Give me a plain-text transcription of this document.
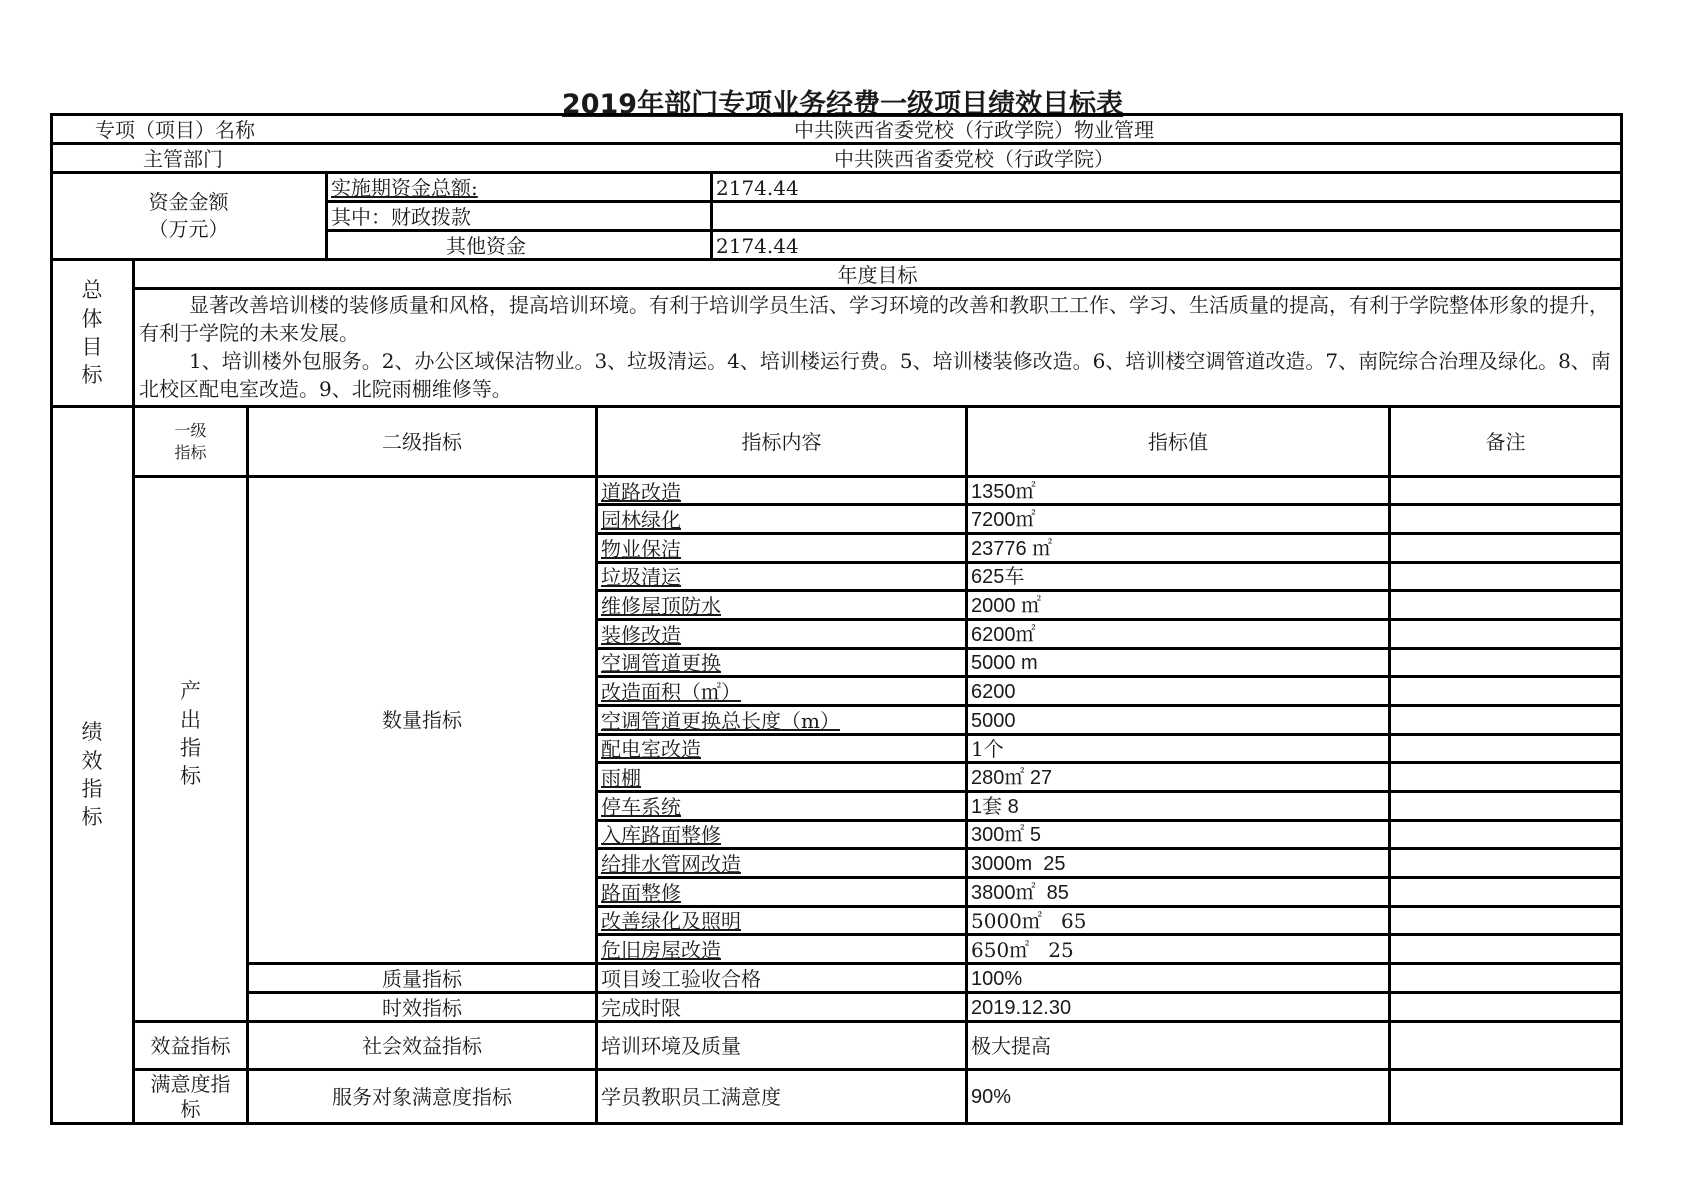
2019年部门专项业务经费一级项目绩效目标表
专项（项目）名称	中共陕西省委党校（行政学院）物业管理
主管部门	中共陕西省委党校（行政学院）
资金金额
（万元）
实施期资金总额:	2174.44
其中：财政拨款
其他资金	2174.44
总
体
目
标
年度目标
显著改善培训楼的装修质量和风格，提高培训环境。有利于培训学员生活、学习环境的改善和教职工工作、学习、生活质量的提高，有利于学院整体形象的提升，有利于学院的未来发展。
1、培训楼外包服务。2、办公区域保洁物业。3、垃圾清运。4、培训楼运行费。5、培训楼装修改造。6、培训楼空调管道改造。7、南院综合治理及绿化。8、南北校区配电室改造。9、北院雨棚维修等。
绩
效
指
标
一级
指标	二级指标	指标内容	指标值	备注
产
出
指
标
数量指标
道路改造	1350㎡
园林绿化	7200㎡
物业保洁	23776 ㎡
垃圾清运	625车
维修屋顶防水	2000 ㎡
装修改造	6200㎡
空调管道更换	5000 m
改造面积（㎡）	6200
空调管道更换总长度（m）	5000
配电室改造	1个
雨棚	280㎡ 27
停车系统	1套 8
入库路面整修	300㎡ 5
给排水管网改造	3000m  25
路面整修	3800㎡  85
改善绿化及照明	5000㎡   65
危旧房屋改造	650㎡   25
质量指标	项目竣工验收合格	100%
时效指标	完成时限	2019.12.30
效益指标	社会效益指标	培训环境及质量	极大提高
满意度指
标	服务对象满意度指标	学员教职员工满意度	90%
